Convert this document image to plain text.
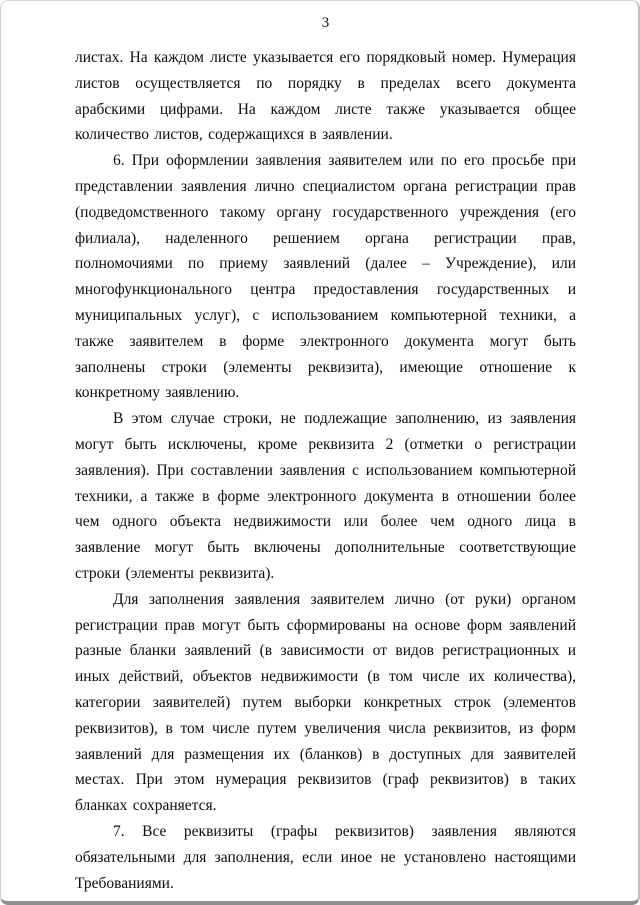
3

листах. На каждом листе указывается его порядковый номер. Нумерация листов осуществляется по порядку в пределах всего документа арабскими цифрами. На каждом листе также указывается общее количество листов, содержащихся в заявлении.

6. При оформлении заявления заявителем или по его просьбе при представлении заявления лично специалистом органа регистрации прав (подведомственного такому органу государственного учреждения (его филиала), наделенного решением органа регистрации прав, полномочиями по приему заявлений (далее – Учреждение), или многофункционального центра предоставления государственных и муниципальных услуг), с использованием компьютерной техники, а также заявителем в форме электронного документа могут быть заполнены строки (элементы реквизита), имеющие отношение к конкретному заявлению.

В этом случае строки, не подлежащие заполнению, из заявления могут быть исключены, кроме реквизита 2 (отметки о регистрации заявления). При составлении заявления с использованием компьютерной техники, а также в форме электронного документа в отношении более чем одного объекта недвижимости или более чем одного лица в заявление могут быть включены дополнительные соответствующие строки (элементы реквизита).

Для заполнения заявления заявителем лично (от руки) органом регистрации прав могут быть сформированы на основе форм заявлений разные бланки заявлений (в зависимости от видов регистрационных и иных действий, объектов недвижимости (в том числе их количества), категории заявителей) путем выборки конкретных строк (элементов реквизитов), в том числе путем увеличения числа реквизитов, из форм заявлений для размещения их (бланков) в доступных для заявителей местах. При этом нумерация реквизитов (граф реквизитов) в таких бланках сохраняется.

7. Все реквизиты (графы реквизитов) заявления являются обязательными для заполнения, если иное не установлено настоящими Требованиями.
